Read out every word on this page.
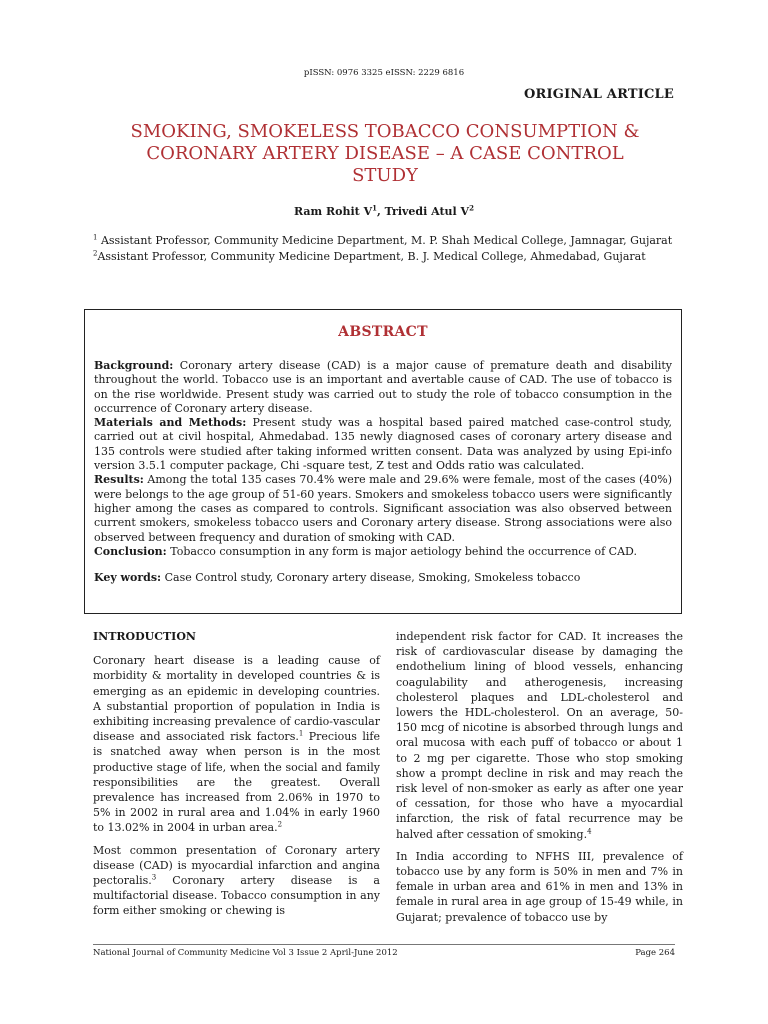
pISSN: 0976 3325 eISSN: 2229 6816
ORIGINAL ARTICLE
SMOKING, SMOKELESS TOBACCO CONSUMPTION &
CORONARY ARTERY DISEASE – A CASE CONTROL
STUDY
Ram Rohit $V^1$, Trivedi Atul $V^2$
$^1$ Assistant Professor, Community Medicine Department, M. P. Shah Medical College, Jamnagar, Gujarat $^2$Assistant Professor, Community Medicine Department, B. J. Medical College, Ahmedabad, Gujarat
ABSTRACT

Background: Coronary artery disease (CAD) is a major cause of premature death and disability throughout the world. Tobacco use is an important and avertable cause of CAD. The use of tobacco is on the rise worldwide. Present study was carried out to study the role of tobacco consumption in the occurrence of Coronary artery disease.

Materials and Methods: Present study was a hospital based paired matched case-control study, carried out at civil hospital, Ahmedabad. 135 newly diagnosed cases of coronary artery disease and 135 controls were studied after taking informed written consent. Data was analyzed by using Epi-info version 3.5.1 computer package, Chi -square test, Z test and Odds ratio was calculated.

Results: Among the total 135 cases 70.4% were male and 29.6% were female, most of the cases (40%) were belongs to the age group of 51-60 years. Smokers and smokeless tobacco users were significantly higher among the cases as compared to controls. Significant association was also observed between current smokers, smokeless tobacco users and Coronary artery disease. Strong associations were also observed between frequency and duration of smoking with CAD.

Conclusion: Tobacco consumption in any form is major aetiology behind the occurrence of CAD.

Key words: Case Control study, Coronary artery disease, Smoking, Smokeless tobacco

INTRODUCTION

Coronary heart disease is a leading cause of morbidity & mortality in developed countries & is emerging as an epidemic in developing countries. A substantial proportion of population in India is exhibiting increasing prevalence of cardio-vascular disease and associated risk factors.$^1$ Precious life is snatched away when person is in the most productive stage of life, when the social and family responsibilities are the greatest. Overall prevalence has increased from 2.06% in 1970 to 5% in 2002 in rural area and 1.04% in early 1960 to 13.02% in 2004 in urban area.$^2$

Most common presentation of Coronary artery disease (CAD) is myocardial infarction and angina pectoralis.$^3$ Coronary artery disease is a multifactorial disease. Tobacco consumption in any form either smoking or chewing is

independent risk factor for CAD. It increases the risk of cardiovascular disease by damaging the endothelium lining of blood vessels, enhancing coagulability and atherogenesis, increasing cholesterol plaques and LDL-cholesterol and lowers the HDL-cholesterol. On an average, 50-150 mcg of nicotine is absorbed through lungs and oral mucosa with each puff of tobacco or about 1 to 2 mg per cigarette. Those who stop smoking show a prompt decline in risk and may reach the risk level of non-smoker as early as after one year of cessation, for those who have a myocardial infarction, the risk of fatal recurrence may be halved after cessation of smoking.$^4$

In India according to NFHS III, prevalence of tobacco use by any form is 50% in men and 7% in female in urban area and 61% in men and 13% in female in rural area in age group of 15-49 while, in Gujarat; prevalence of tobacco use by

National Journal of Community Medicine Vol 3 Issue 2 April-June 2012	Page 264
